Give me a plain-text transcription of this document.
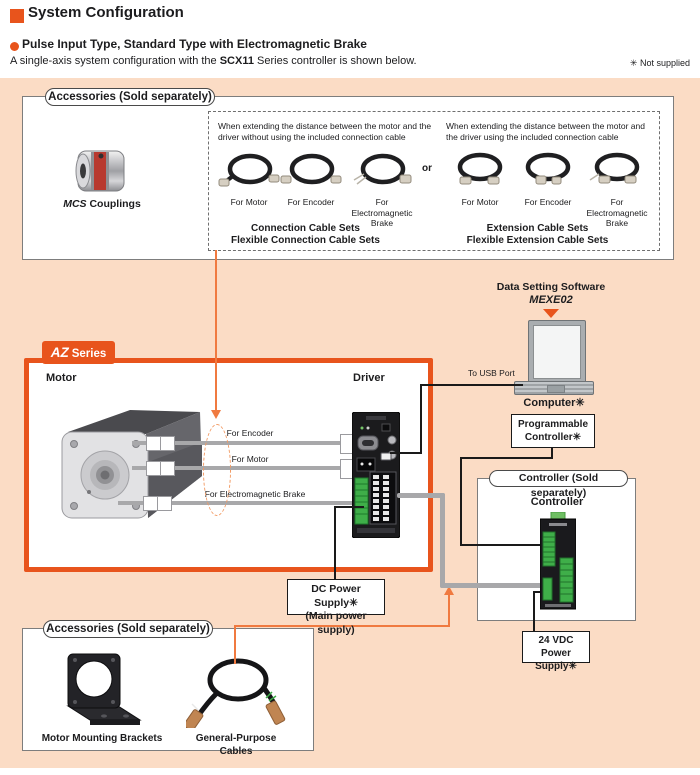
System Configuration
Pulse Input Type, Standard Type with Electromagnetic Brake
A single-axis system configuration with the SCX11 Series controller is shown below.	✳ Not supplied
Accessories (Sold separately)
MCS Couplings
When extending the distance between the motor and the driver without using the included connection cable
When extending the distance between the motor and the driver using the included connection cable
or
For Motor	For Encoder	For Electromagnetic Brake
For Motor	For Encoder	For Electromagnetic Brake
Connection Cable Sets
Flexible Connection Cable Sets
Extension Cable Sets
Flexible Extension Cable Sets
Data Setting Software
MEXE02
To USB Port
Computer✳
Programmable
Controller✳
AZ Series
Motor	Driver
For Encoder
For Motor
For Electromagnetic Brake
Controller (Sold separately)
Controller
24 VDC Power
Supply✳
DC Power Supply✳
(Main power supply)
Accessories (Sold separately)
Motor Mounting Brackets	General-Purpose Cables
